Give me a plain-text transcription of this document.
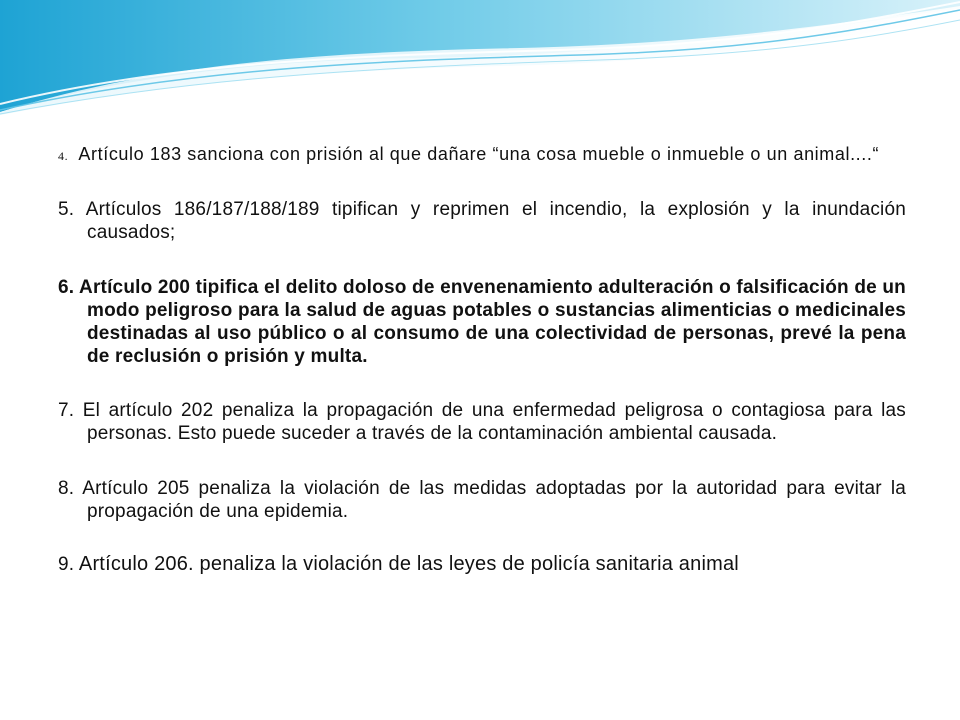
4. Artículo 183 sanciona con prisión al que dañare “una cosa mueble o inmueble o un animal....“
5. Artículos 186/187/188/189 tipifican y reprimen el incendio, la explosión y la inundación causados;
6. Artículo 200 tipifica el delito doloso de envenenamiento adulteración o falsificación de un modo peligroso para la salud de aguas potables o sustancias alimenticias o medicinales destinadas al uso público o al consumo de una colectividad de personas, prevé la pena de reclusión o prisión y multa.
7. El artículo 202 penaliza la propagación de una enfermedad peligrosa o contagiosa para las personas. Esto puede suceder a través de la contaminación ambiental causada.
8. Artículo 205 penaliza la violación de las medidas adoptadas por la autoridad para evitar la propagación de una epidemia.
9. Artículo 206. penaliza la violación de las leyes de policía sanitaria animal
